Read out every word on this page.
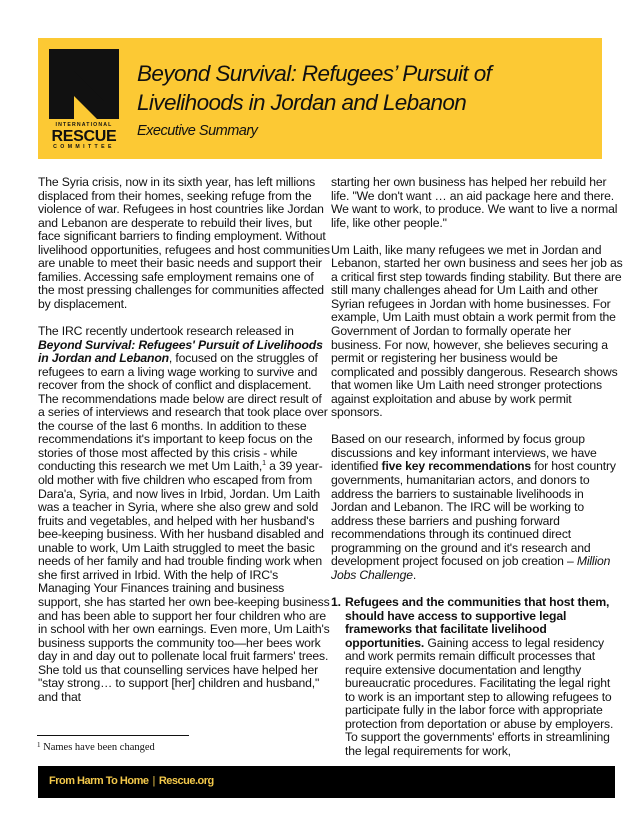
INTERNATIONAL
RESCUE
COMMITTEE
Beyond Survival: Refugees’ Pursuit of
Livelihoods in Jordan and Lebanon
Executive Summary

The Syria crisis, now in its sixth year, has left millions displaced from their homes, seeking refuge from the violence of war. Refugees in host countries like Jordan and Lebanon are desperate to rebuild their lives, but face significant barriers to finding employment. Without livelihood opportunities, refugees and host communities are unable to meet their basic needs and support their families. Accessing safe employment remains one of the most pressing challenges for communities affected by displacement.

The IRC recently undertook research released in Beyond Survival: Refugees' Pursuit of Livelihoods in Jordan and Lebanon, focused on the struggles of refugees to earn a living wage working to survive and recover from the shock of conflict and displacement. The recommendations made below are direct result of a series of interviews and research that took place over the course of the last 6 months. In addition to these recommendations it's important to keep focus on the stories of those most affected by this crisis - while conducting this research we met Um Laith,$^1$ a 39 year-old mother with five children who escaped from from Dara'a, Syria, and now lives in Irbid, Jordan. Um Laith was a teacher in Syria, where she also grew and sold fruits and vegetables, and helped with her husband's bee-keeping business. With her husband disabled and unable to work, Um Laith struggled to meet the basic needs of her family and had trouble finding work when she first arrived in Irbid. With the help of IRC's Managing Your Finances training and business support, she has started her own bee-keeping business and has been able to support her four children who are in school with her own earnings. Even more, Um Laith's business supports the community too—her bees work day in and day out to pollenate local fruit farmers' trees. She told us that counselling services have helped her "stay strong… to support [her] children and husband," and that

starting her own business has helped her rebuild her life. "We don't want … an aid package here and there. We want to work, to produce. We want to live a normal life, like other people."

Um Laith, like many refugees we met in Jordan and Lebanon, started her own business and sees her job as a critical first step towards finding stability. But there are still many challenges ahead for Um Laith and other Syrian refugees in Jordan with home businesses. For example, Um Laith must obtain a work permit from the Government of Jordan to formally operate her business. For now, however, she believes securing a permit or registering her business would be complicated and possibly dangerous. Research shows that women like Um Laith need stronger protections against exploitation and abuse by work permit sponsors.

Based on our research, informed by focus group discussions and key informant interviews, we have identified five key recommendations for host country governments, humanitarian actors, and donors to address the barriers to sustainable livelihoods in Jordan and Lebanon. The IRC will be working to address these barriers and pushing forward recommendations through its continued direct programming on the ground and it's research and development project focused on job creation – Million Jobs Challenge.

1. Refugees and the communities that host them, should have access to supportive legal frameworks that facilitate livelihood opportunities. Gaining access to legal residency and work permits remain difficult processes that require extensive documentation and lengthy bureaucratic procedures. Facilitating the legal right to work is an important step to allowing refugees to participate fully in the labor force with appropriate protection from deportation or abuse by employers. To support the governments' efforts in streamlining the legal requirements for work,
$^1$ Names have been changed
From Harm To Home | Rescue.org
